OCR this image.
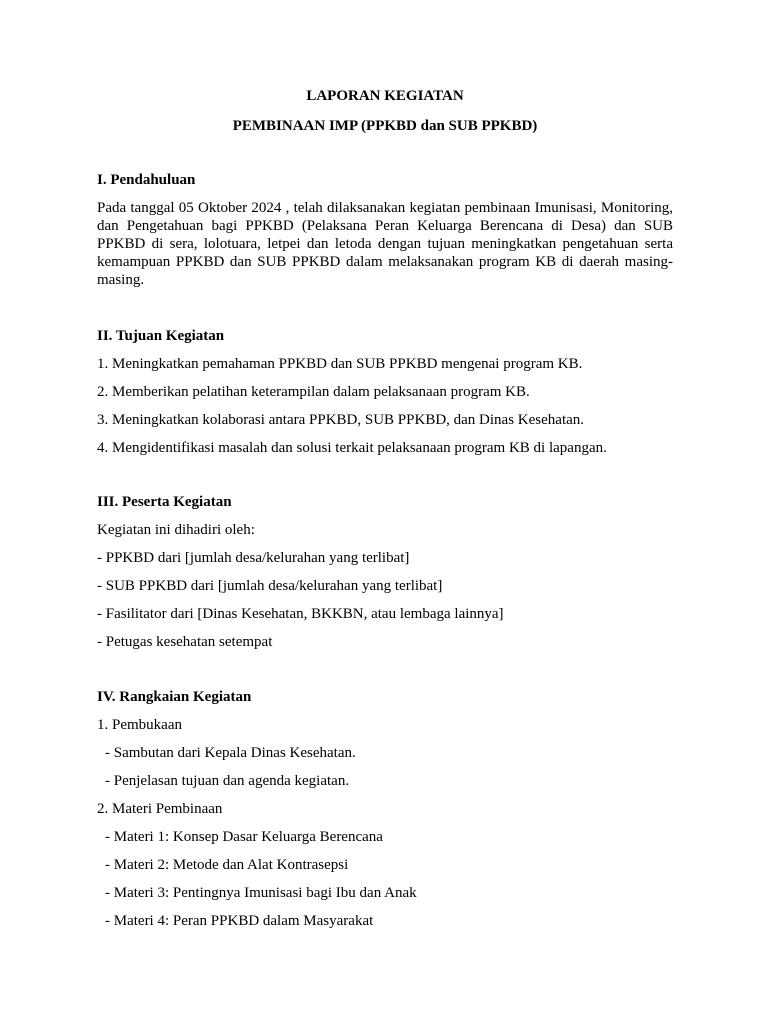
LAPORAN KEGIATAN
PEMBINAAN IMP (PPKBD dan SUB PPKBD)

I. Pendahuluan

Pada tanggal 05 Oktober 2024 , telah dilaksanakan kegiatan pembinaan Imunisasi, Monitoring, dan Pengetahuan bagi PPKBD (Pelaksana Peran Keluarga Berencana di Desa) dan SUB PPKBD di sera, lolotuara, letpei dan letoda dengan tujuan meningkatkan pengetahuan serta kemampuan PPKBD dan SUB PPKBD dalam melaksanakan program KB di daerah masing-masing.

II. Tujuan Kegiatan

1. Meningkatkan pemahaman PPKBD dan SUB PPKBD mengenai program KB.

2. Memberikan pelatihan keterampilan dalam pelaksanaan program KB.

3. Meningkatkan kolaborasi antara PPKBD, SUB PPKBD, dan Dinas Kesehatan.

4. Mengidentifikasi masalah dan solusi terkait pelaksanaan program KB di lapangan.

III. Peserta Kegiatan

Kegiatan ini dihadiri oleh:

- PPKBD dari [jumlah desa/kelurahan yang terlibat]

- SUB PPKBD dari [jumlah desa/kelurahan yang terlibat]

- Fasilitator dari [Dinas Kesehatan, BKKBN, atau lembaga lainnya]

- Petugas kesehatan setempat

IV. Rangkaian Kegiatan

1. Pembukaan

- Sambutan dari Kepala Dinas Kesehatan.

- Penjelasan tujuan dan agenda kegiatan.

2. Materi Pembinaan

- Materi 1: Konsep Dasar Keluarga Berencana

- Materi 2: Metode dan Alat Kontrasepsi

- Materi 3: Pentingnya Imunisasi bagi Ibu dan Anak

- Materi 4: Peran PPKBD dalam Masyarakat
